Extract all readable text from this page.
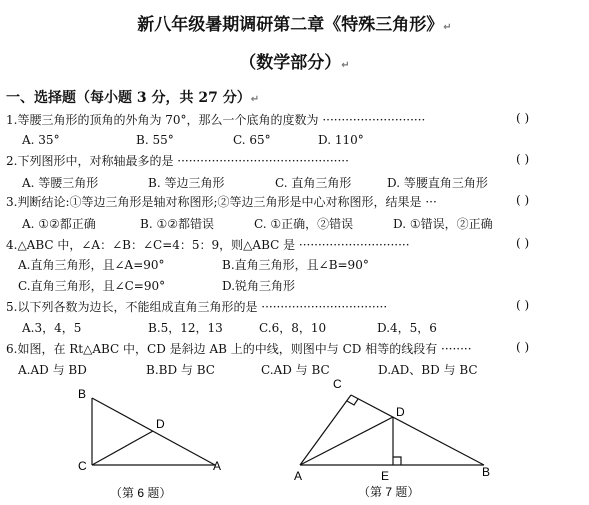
新八年级暑期调研第二章《特殊三角形》↵
（数学部分）↵
一、选择题（每小题 3 分，共 27 分）↵
1.等腰三角形的顶角的外角为 70°，那么一个底角的度数为 ···························	( )
A. 35°	B. 55°	C. 65°	D. 110°
2.下列图形中，对称轴最多的是 ·············································	( )
A. 等腰三角形	B. 等边三角形	C. 直角三角形	D. 等腰直角三角形
3.判断结论:①等边三角形是轴对称图形;②等边三角形是中心对称图形，结果是 ···	( )
A. ①②都正确	B. ①②都错误	C. ①正确，②错误	D. ①错误，②正确
4.△ABC 中，∠A：∠B：∠C=4：5：9，则△ABC 是 ·····························	( )
A.直角三角形，且∠A=90°	B.直角三角形，且∠B=90°
C.直角三角形，且∠C=90°	D.锐角三角形
5.以下列各数为边长，不能组成直角三角形的是 ·································	( )
A.3，4，5	B.5，12，13	C.6，8，10	D.4，5，6
6.如图，在 Rt△ABC 中，CD 是斜边 AB 上的中线，则图中与 CD 相等的线段有 ········	( )
A.AD 与 BD	B.BD 与 BC	C.AD 与 BC	D.AD、BD 与 BC
B
D
C	A
（第 6 题）
C
D
A	E	B
（第 7 题）
